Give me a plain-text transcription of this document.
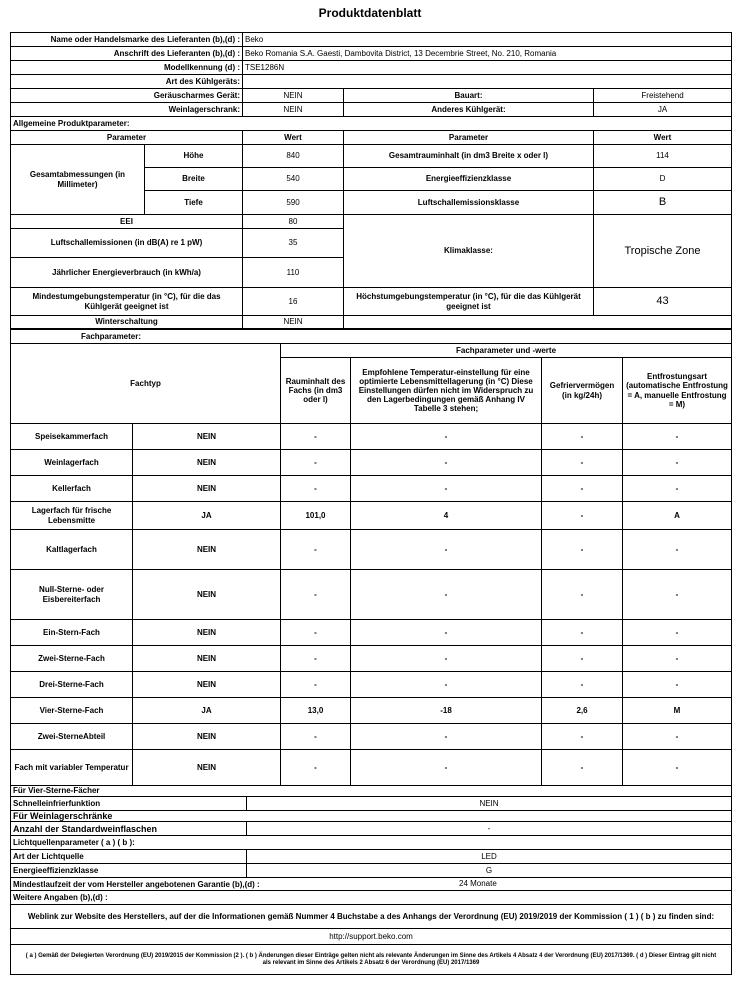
Produktdatenblatt
Name oder Handelsmarke des Lieferanten (b),(d) :	Beko		
Anschrift des Lieferanten (b),(d) :	Beko Romania S.A. Gaesti, Dambovita District, 13 Decembrie Street, No. 210, Romania		
Modellkennung (d) :	TSE1286N		
Art des Kühlgeräts:			
Geräuscharmes Gerät:	NEIN	Bauart:	Freistehend
Weinlagerschrank:	NEIN	Anderes Kühlgerät:	JA
Allgemeine Produktparameter:				
Parameter		Wert	Parameter	Wert
Gesamtabmessungen (in Millimeter)	Höhe	840	Gesamtrauminhalt (in dm3 Breite x oder l)	114
	Breite	540	Energieeffizienzklasse	D
	Tiefe	590	Luftschallemissionsklasse	B
EEI		80	Klimaklasse:	Tropische Zone
Luftschallemissionen (in dB(A) re 1 pW)		35		
Jährlicher Energieverbrauch (in kWh/a)		110		
Mindestumgebungstemperatur (in °C), für die das Kühlgerät geeignet ist		16	Höchstumgebungstemperatur (in °C), für die das Kühlgerät geeignet ist	43
Winterschaltung		NEIN		
Fachparameter:					
Fachtyp		Fachparameter und -werte			
		Rauminhalt des Fachs (in dm3 oder l)	Empfohlene Temperatur-einstellung für eine optimierte Lebensmittellagerung (in °C) Diese Einstellungen dürfen nicht im Widerspruch zu den Lagerbedingungen gemäß Anhang IV Tabelle 3 stehen;	Gefriervermögen (in kg/24h)	Entfrostungsart (automatische Entfrostung = A, manuelle Entfrostung = M)
Speisekammerfach	NEIN	-	-	-	-
Weinlagerfach	NEIN	-	-	-	-
Kellerfach	NEIN	-	-	-	-
Lagerfach für frische Lebensmitte	JA	101,0	4	-	A
Kaltlagerfach	NEIN	-	-	-	-
Null-Sterne- oder Eisbereiterfach	NEIN	-	-	-	-
Ein-Stern-Fach	NEIN	-	-	-	-
Zwei-Sterne-Fach	NEIN	-	-	-	-
Drei-Sterne-Fach	NEIN	-	-	-	-
Vier-Sterne-Fach	JA	13,0	-18	2,6	M
Zwei-SterneAbteil	NEIN	-	-	-	-
Fach mit variabler Temperatur	NEIN	-	-	-	-
Für Vier-Sterne-Fächer	
Schnelleinfrierfunktion	NEIN
Für Weinlagerschränke	
Anzahl der Standardweinflaschen	-
Lichtquellenparameter ( a ) ( b ):	
Art der Lichtquelle	LED
Energieeffizienzklasse	G
Mindestlaufzeit der vom Hersteller angebotenen Garantie (b),(d) : 24 Monate	

Weitere Angaben (b),(d) :	
Weblink zur Website des Herstellers, auf der die Informationen gemäß Nummer 4 Buchstabe a des Anhangs der Verordnung (EU) 2019/2019 der Kommission ( 1 ) ( b ) zu finden sind:	
http://support.beko.com	
( a ) Gemäß der Delegierten Verordnung (EU) 2019/2015 der Kommission (2 ). ( b ) Änderungen dieser Einträge gelten nicht als relevante Änderungen im Sinne des Artikels 4 Absatz 4 der Verordnung (EU) 2017/1369. ( d ) Dieser Eintrag gilt nicht als relevant im Sinne des Artikels 2 Absatz 6 der Verordnung (EU) 2017/1369	
